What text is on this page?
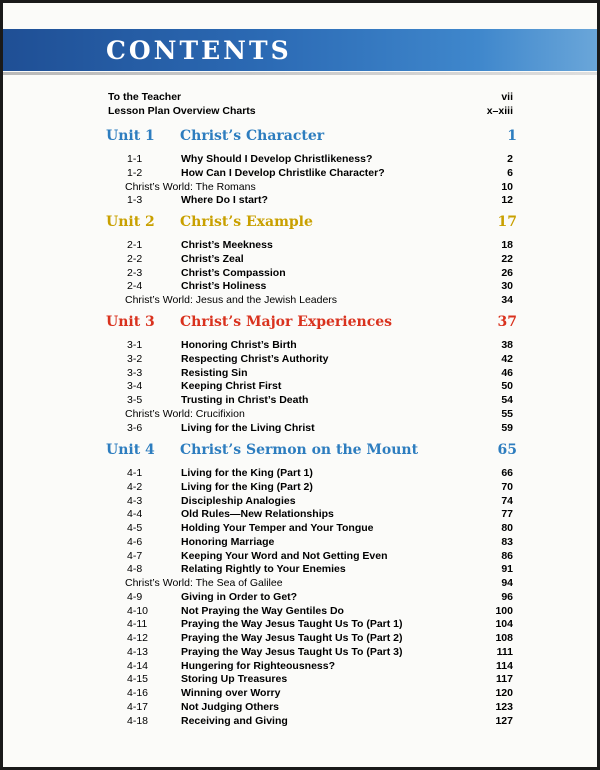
CONTENTS
To the Teacher	vii
Lesson Plan Overview Charts	x–xiii
Unit 1 Christ’s Character	1
1-1	Why Should I Develop Christlikeness?	2
1-2	How Can I Develop Christlike Character?	6
Christ’s World: The Romans	10
1-3	Where Do I start?	12
Unit 2 Christ’s Example	17
2-1	Christ’s Meekness	18
2-2	Christ’s Zeal	22
2-3	Christ’s Compassion	26
2-4	Christ’s Holiness	30
Christ’s World: Jesus and the Jewish Leaders	34
Unit 3 Christ’s Major Experiences	37
3-1	Honoring Christ’s Birth	38
3-2	Respecting Christ’s Authority	42
3-3	Resisting Sin	46
3-4	Keeping Christ First	50
3-5	Trusting in Christ’s Death	54
Christ’s World: Crucifixion	55
3-6	Living for the Living Christ	59
Unit 4 Christ’s Sermon on the Mount	65
4-1	Living for the King (Part 1)	66
4-2	Living for the King (Part 2)	70
4-3	Discipleship Analogies	74
4-4	Old Rules—New Relationships	77
4-5	Holding Your Temper and Your Tongue	80
4-6	Honoring Marriage	83
4-7	Keeping Your Word and Not Getting Even	86
4-8	Relating Rightly to Your Enemies	91
Christ’s World: The Sea of Galilee	94
4-9	Giving in Order to Get?	96
4-10	Not Praying the Way Gentiles Do	100
4-11	Praying the Way Jesus Taught Us To (Part 1)	104
4-12	Praying the Way Jesus Taught Us To (Part 2)	108
4-13	Praying the Way Jesus Taught Us To (Part 3)	111
4-14	Hungering for Righteousness?	114
4-15	Storing Up Treasures	117
4-16	Winning over Worry	120
4-17	Not Judging Others	123
4-18	Receiving and Giving	127
